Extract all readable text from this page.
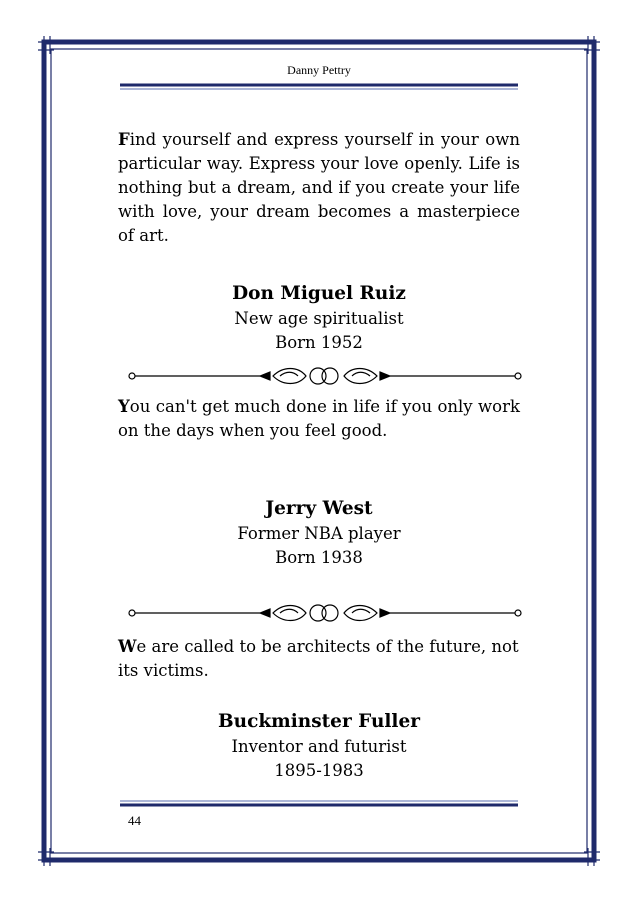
Danny Pettry
Find yourself and express yourself in your own particular way. Express your love openly. Life is nothing but a dream, and if you create your life with love, your dream becomes a masterpiece of art.
Don Miguel Ruiz
New age spiritualist
Born 1952
You can't get much done in life if you only work on the days when you feel good.
Jerry West
Former NBA player
Born 1938
We are called to be architects of the future, not its victims.
Buckminster Fuller
Inventor and futurist
1895-1983
44
